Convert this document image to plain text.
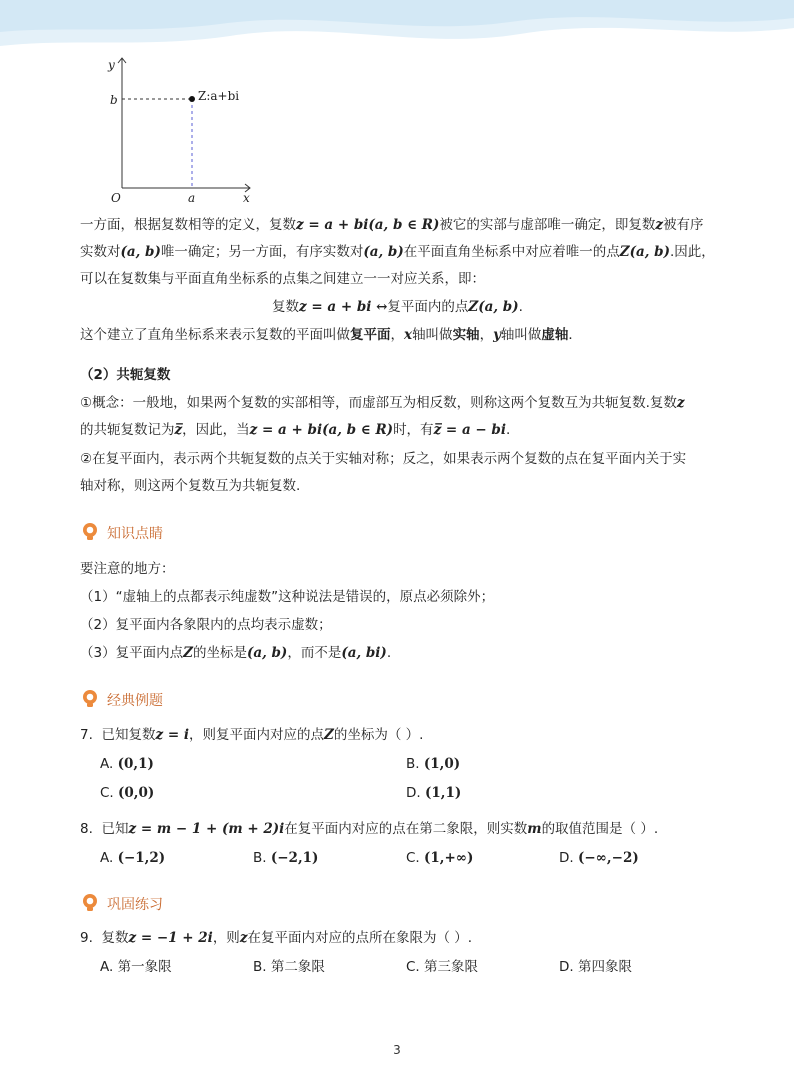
y
b	Z:a+bi
O	a	x
一方面，根据复数相等的定义，复数z = a + bi(a, b ∈ R)被它的实部与虚部唯一确定，即复数z被有序
实数对(a, b)唯一确定；另一方面，有序实数对(a, b)在平面直角坐标系中对应着唯一的点Z(a, b).因此，
可以在复数集与平面直角坐标系的点集之间建立一一对应关系，即：
复数z = a + bi ↔复平面内的点Z(a, b).
这个建立了直角坐标系来表示复数的平面叫做复平面，x轴叫做实轴，y轴叫做虚轴．
（2）共轭复数
①概念：一般地，如果两个复数的实部相等，而虚部互为相反数，则称这两个复数互为共轭复数.复数z
的共轭复数记为z̅，因此，当z = a + bi(a, b ∈ R)时，有z̅ = a − bi.
②在复平面内，表示两个共轭复数的点关于实轴对称；反之，如果表示两个复数的点在复平面内关于实
轴对称，则这两个复数互为共轭复数.
知识点睛
要注意的地方：
（1）“虚轴上的点都表示纯虚数”这种说法是错误的，原点必须除外；
（2）复平面内各象限内的点均表示虚数；
（3）复平面内点Z的坐标是(a, b)，而不是(a, bi).
经典例题
7. 已知复数z = i，则复平面内对应的点Z的坐标为（ ）.
A. (0,1)	B. (1,0)
C. (0,0)	D. (1,1)
8. 已知z = m − 1 + (m + 2)i在复平面内对应的点在第二象限，则实数m的取值范围是（ ）.
A. (−1,2)	B. (−2,1)	C. (1,+∞)	D. (−∞,−2)
巩固练习
9. 复数z = −1 + 2i，则z在复平面内对应的点所在象限为（ ）.
A. 第一象限	B. 第二象限	C. 第三象限	D. 第四象限
3
